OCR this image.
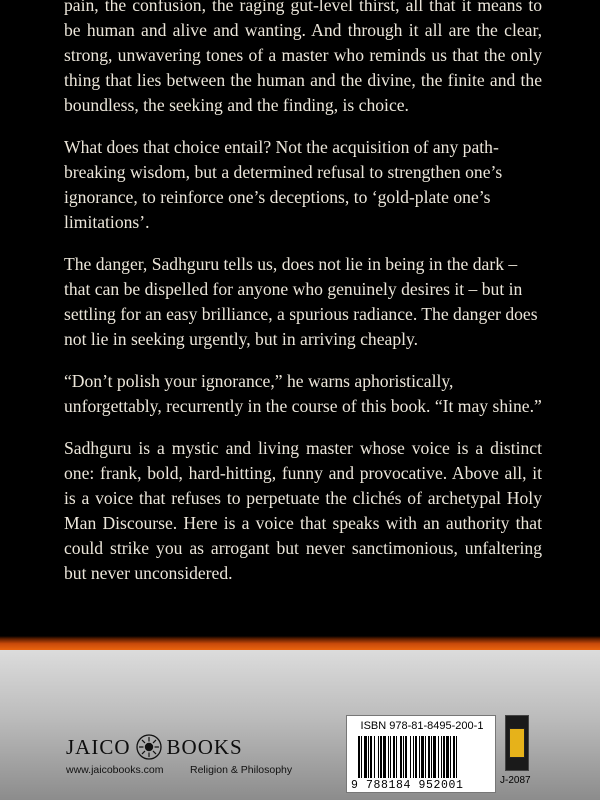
pain, the confusion, the raging gut-level thirst, all that it means to be human and alive and wanting. And through it all are the clear, strong, unwavering tones of a master who reminds us that the only thing that lies between the human and the divine, the finite and the boundless, the seeking and the finding, is choice.

What does that choice entail? Not the acquisition of any path-breaking wisdom, but a determined refusal to strengthen one’s ignorance, to reinforce one’s deceptions, to ‘gold-plate one’s limitations’.

The danger, Sadhguru tells us, does not lie in being in the dark – that can be dispelled for anyone who genuinely desires it – but in settling for an easy brilliance, a spurious radiance. The danger does not lie in seeking urgently, but in arriving cheaply.

“Don’t polish your ignorance,” he warns aphoristically, unforgettably, recurrently in the course of this book. “It may shine.”

Sadhguru is a mystic and living master whose voice is a distinct one: frank, bold, hard-hitting, funny and provocative. Above all, it is a voice that refuses to perpetuate the clichés of archetypal Holy Man Discourse. Here is a voice that speaks with an authority that could strike you as arrogant but never sanctimonious, unfaltering but never unconsidered.

JAICO BOOKS
www.jaicobooks.com	Religion & Philosophy
ISBN 978-81-8495-200-1
9 788184 952001	J-2087
